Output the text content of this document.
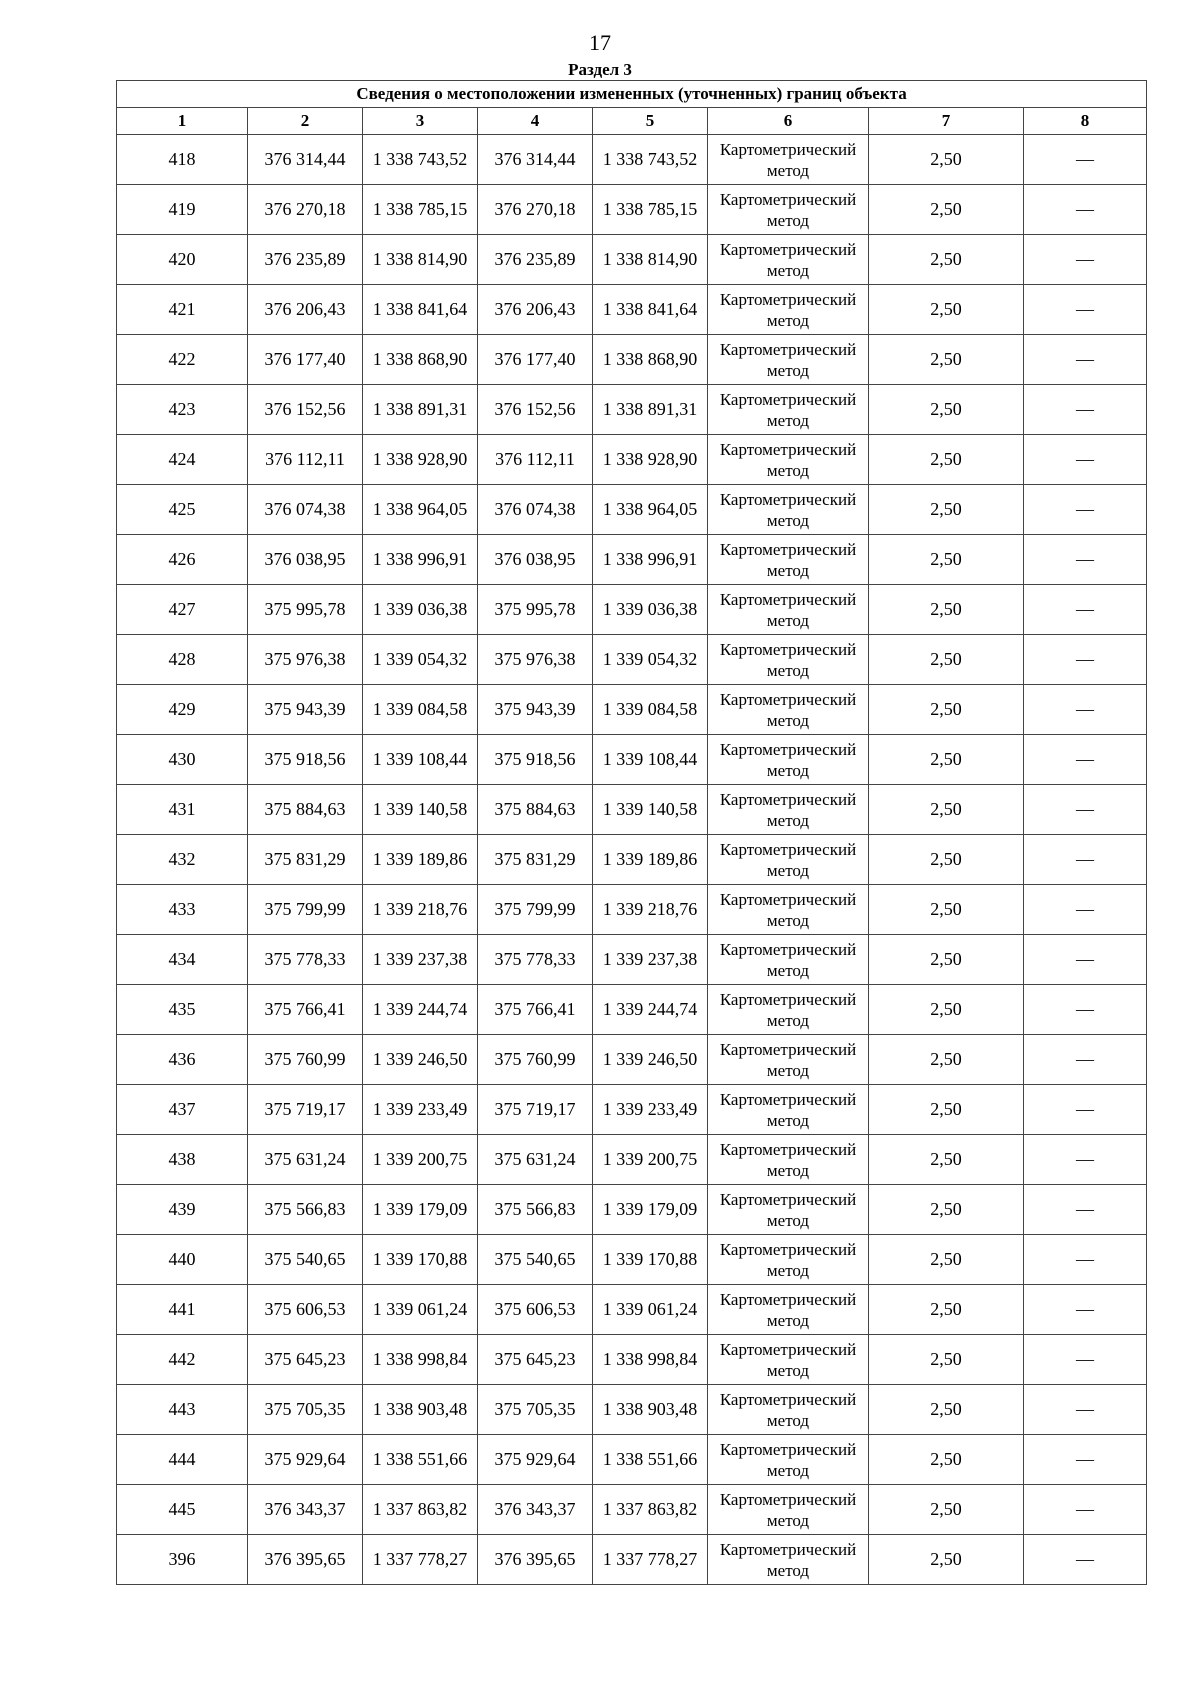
17
Раздел 3
Сведения о местоположении измененных (уточненных) границ объекта							
1	2	3	4	5	6	7	8
418	376 314,44	1 338 743,52	376 314,44	1 338 743,52	Картометрический метод	2,50	—
419	376 270,18	1 338 785,15	376 270,18	1 338 785,15	Картометрический метод	2,50	—
420	376 235,89	1 338 814,90	376 235,89	1 338 814,90	Картометрический метод	2,50	—
421	376 206,43	1 338 841,64	376 206,43	1 338 841,64	Картометрический метод	2,50	—
422	376 177,40	1 338 868,90	376 177,40	1 338 868,90	Картометрический метод	2,50	—
423	376 152,56	1 338 891,31	376 152,56	1 338 891,31	Картометрический метод	2,50	—
424	376 112,11	1 338 928,90	376 112,11	1 338 928,90	Картометрический метод	2,50	—
425	376 074,38	1 338 964,05	376 074,38	1 338 964,05	Картометрический метод	2,50	—
426	376 038,95	1 338 996,91	376 038,95	1 338 996,91	Картометрический метод	2,50	—
427	375 995,78	1 339 036,38	375 995,78	1 339 036,38	Картометрический метод	2,50	—
428	375 976,38	1 339 054,32	375 976,38	1 339 054,32	Картометрический метод	2,50	—
429	375 943,39	1 339 084,58	375 943,39	1 339 084,58	Картометрический метод	2,50	—
430	375 918,56	1 339 108,44	375 918,56	1 339 108,44	Картометрический метод	2,50	—
431	375 884,63	1 339 140,58	375 884,63	1 339 140,58	Картометрический метод	2,50	—
432	375 831,29	1 339 189,86	375 831,29	1 339 189,86	Картометрический метод	2,50	—
433	375 799,99	1 339 218,76	375 799,99	1 339 218,76	Картометрический метод	2,50	—
434	375 778,33	1 339 237,38	375 778,33	1 339 237,38	Картометрический метод	2,50	—
435	375 766,41	1 339 244,74	375 766,41	1 339 244,74	Картометрический метод	2,50	—
436	375 760,99	1 339 246,50	375 760,99	1 339 246,50	Картометрический метод	2,50	—
437	375 719,17	1 339 233,49	375 719,17	1 339 233,49	Картометрический метод	2,50	—
438	375 631,24	1 339 200,75	375 631,24	1 339 200,75	Картометрический метод	2,50	—
439	375 566,83	1 339 179,09	375 566,83	1 339 179,09	Картометрический метод	2,50	—
440	375 540,65	1 339 170,88	375 540,65	1 339 170,88	Картометрический метод	2,50	—
441	375 606,53	1 339 061,24	375 606,53	1 339 061,24	Картометрический метод	2,50	—
442	375 645,23	1 338 998,84	375 645,23	1 338 998,84	Картометрический метод	2,50	—
443	375 705,35	1 338 903,48	375 705,35	1 338 903,48	Картометрический метод	2,50	—
444	375 929,64	1 338 551,66	375 929,64	1 338 551,66	Картометрический метод	2,50	—
445	376 343,37	1 337 863,82	376 343,37	1 337 863,82	Картометрический метод	2,50	—
396	376 395,65	1 337 778,27	376 395,65	1 337 778,27	Картометрический метод	2,50	—
